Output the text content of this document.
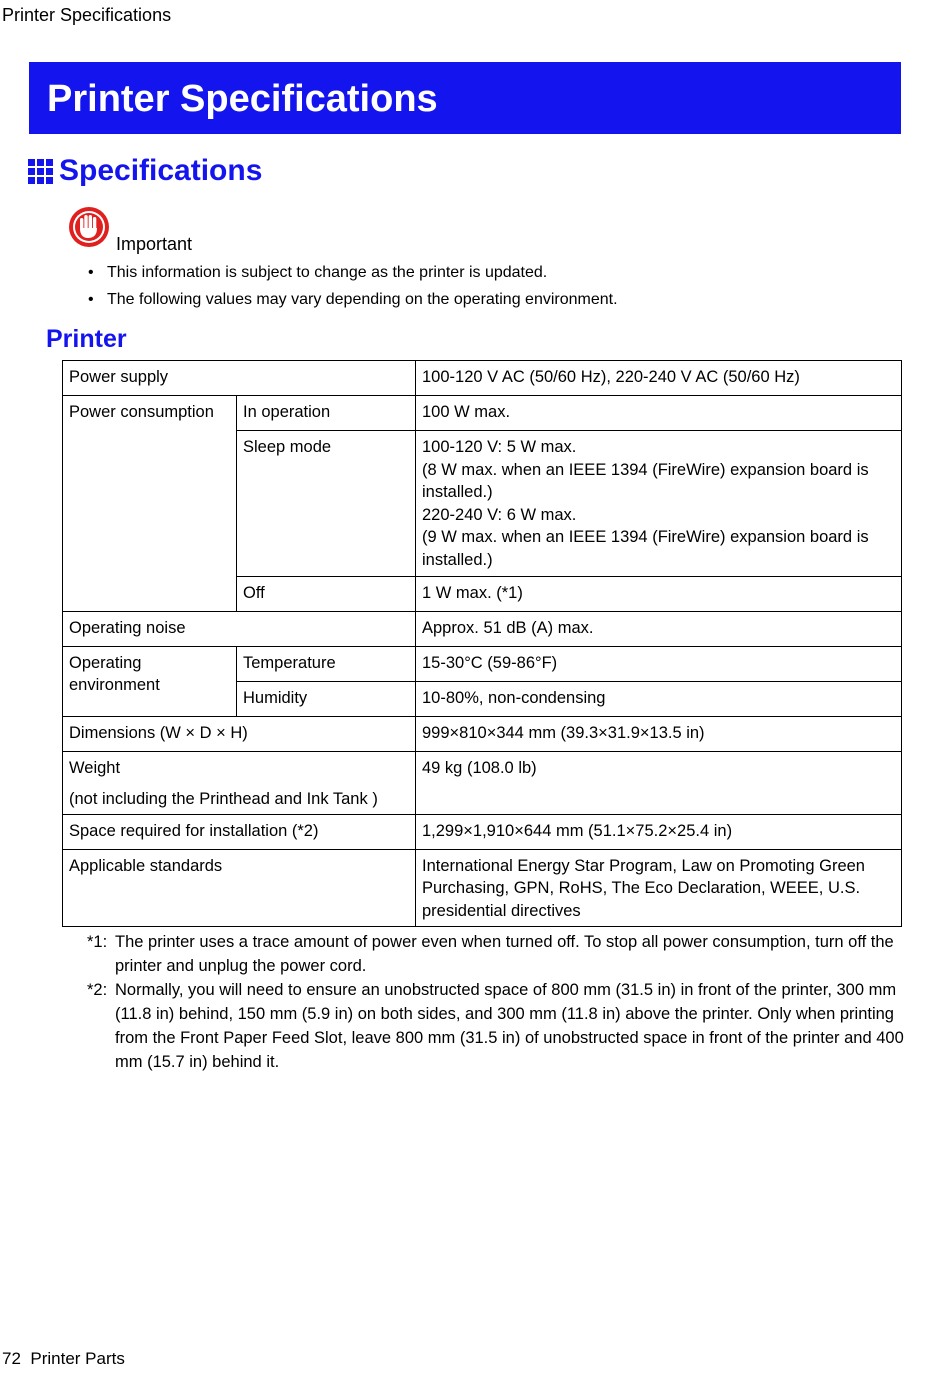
Printer Specifications
Printer Specifications
Specifications
Important
• This information is subject to change as the printer is updated.
• The following values may vary depending on the operating environment.
Printer
Power supply		100-120 V AC (50/60 Hz), 220-240 V AC (50/60 Hz)
Power consumption	In operation	100 W max.
	Sleep mode	100-120 V: 5 W max.
(8 W max. when an IEEE 1394 (FireWire) expansion board is installed.)
220-240 V: 6 W max.
(9 W max. when an IEEE 1394 (FireWire) expansion board is installed.)

	Off	1 W max. (*1)
Operating noise		Approx. 51 dB (A) max.
Operating environment	Temperature	15-30°C (59-86°F)
	Humidity	10-80%, non-condensing
Dimensions (W × D × H)		999×810×344 mm (39.3×31.9×13.5 in)

Weight
(not including the Printhead and Ink Tank )		49 kg (108.0 lb)
Space required for installation (*2)		1,299×1,910×644 mm (51.1×75.2×25.4 in)
Applicable standards		International Energy Star Program, Law on Promoting Green Purchasing, GPN, RoHS, The Eco Declaration, WEEE, U.S. presidential directives
*1: The printer uses a trace amount of power even when turned off. To stop all power consumption, turn off the printer and unplug the power cord.
*2: Normally, you will need to ensure an unobstructed space of 800 mm (31.5 in) in front of the printer, 300 mm (11.8 in) behind, 150 mm (5.9 in) on both sides, and 300 mm (11.8 in) above the printer. Only when printing from the Front Paper Feed Slot, leave 800 mm (31.5 in) of unobstructed space in front of the printer and 400 mm (15.7 in) behind it.
72 Printer Parts
